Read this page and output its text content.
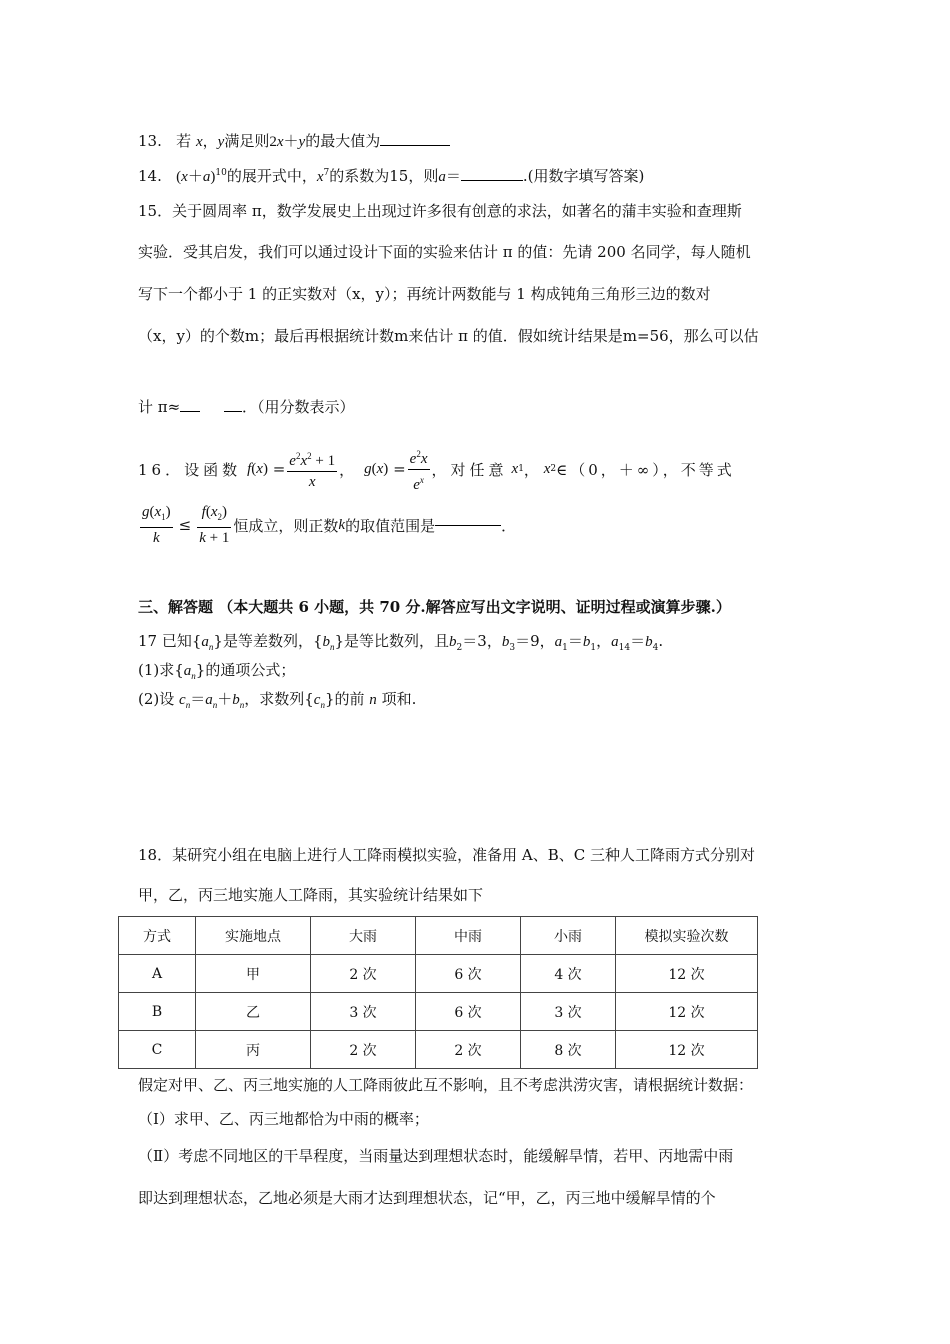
13. 若 x，y满足则2x＋y的最大值为
14. $(x+a)^{10}$的展开式中，$x^7$的系数为15，则a＝	.(用数字填写答案)
15．关于圆周率 π，数学发展史上出现过许多很有创意的求法，如著名的蒲丰实验和查理斯
实验．受其启发，我们可以通过设计下面的实验来估计 π 的值：先请 200 名同学，每人随机
写下一个都小于 1 的正实数对（x，y）；再统计两数能与 1 构成钝角三角形三边的数对
（x，y）的个数m；最后再根据统计数m来估计 π 的值．假如统计结果是m=56，那么可以估
计 π≈	．（用分数表示）
16．设函数 f (x)
= $\frac{e^2x^2 + 1}{x}$ ， g (x)
= $\frac{e^2x}{e^x}$ ，对任意 x 1 ， x 2 ∈（0，＋∞），不等式
$\frac{g(x_1)}{k} \le \frac{f(x_2)}{k + 1}$ 恒成立，则正数 k 的取值范围是	．
三、解答题 （本大题共 6 小题，共 70 分.解答应写出文字说明、证明过程或演算步骤.）
17 已知$\{a_n\}$是等差数列，$\{b_n\}$是等比数列，且$b_2=3$，$b_3=9$，$a_1=b_1$，$a_{14}=b_4$.
(1)求$\{a_n\}$的通项公式；
(2)设 $c_n=a_n+b_n$，求数列$\{c_n\}$的前 n 项和.
18．某研究小组在电脑上进行人工降雨模拟实验，准备用 A、B、C 三种人工降雨方式分别对
甲，乙，丙三地实施人工降雨，其实验统计结果如下
方式	实施地点	大雨	中雨	小雨	模拟实验次数
A	甲	2 次	6 次	4 次	12 次
B	乙	3 次	6 次	3 次	12 次
C	丙	2 次	2 次	8 次	12 次
假定对甲、乙、丙三地实施的人工降雨彼此互不影响，且不考虑洪涝灾害，请根据统计数据：
（Ⅰ）求甲、乙、丙三地都恰为中雨的概率；
（Ⅱ）考虑不同地区的干旱程度，当雨量达到理想状态时，能缓解旱情，若甲、丙地需中雨
即达到理想状态，乙地必须是大雨才达到理想状态，记“甲，乙，丙三地中缓解旱情的个
